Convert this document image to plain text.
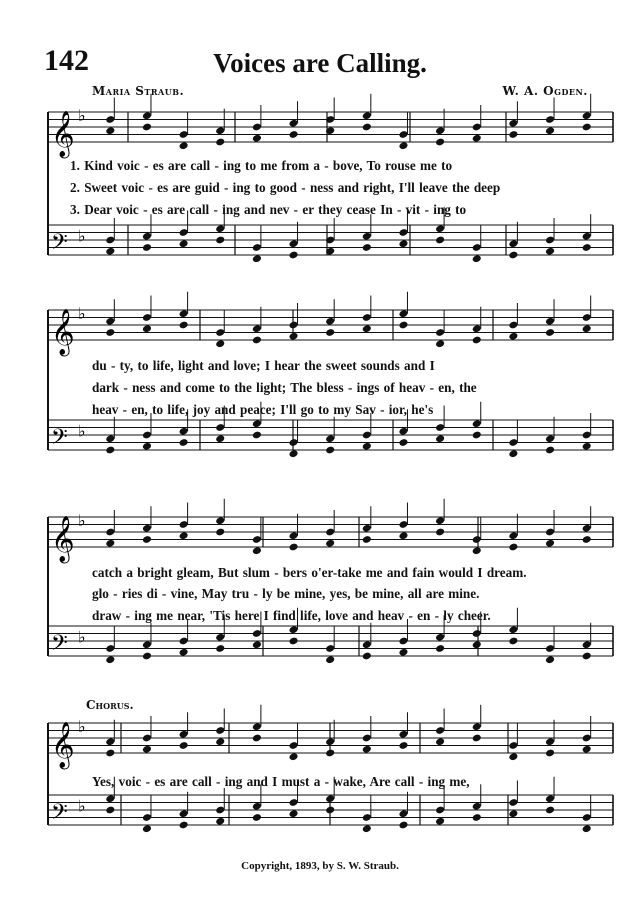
142	Voices are Calling.
Maria Straub.	W. A. Ogden.
𝄞 ♭
𝄢 ♭
𝄞 ♭
𝄢 ♭
𝄞 ♭
𝄢 ♭
𝄞 ♭
𝄢 ♭
1. Kind voic - es are call - ing to me from a - bove, To rouse me to
2. Sweet voic - es are guid - ing to good - ness and right, I'll leave the deep
3. Dear voic - es are call - ing and nev - er they cease In - vit - ing to
du - ty, to life, light and love; I hear the sweet sounds and I
dark - ness and come to the light; The bless - ings of heav - en, the
heav - en, to life, joy and peace; I'll go to my Sav - ior, he's
catch a bright gleam, But slum - bers o'er-take me and fain would I dream.
glo - ries di - vine, May tru - ly be mine, yes, be mine, all are mine.
draw - ing me near, 'Tis here I find life, love and heav - en - ly cheer.
Chorus.
Yes, voic - es are call - ing and I must a - wake, Are call - ing me,
Copyright, 1893, by S. W. Straub.
